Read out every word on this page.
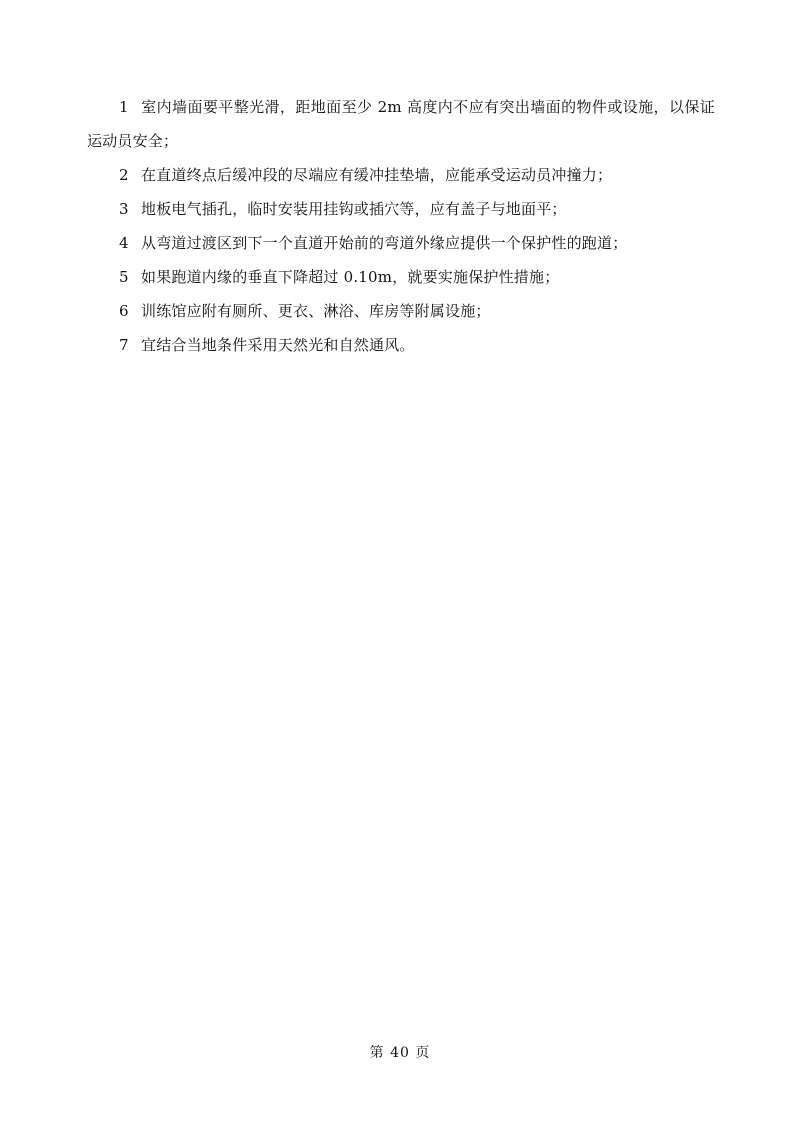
1 室内墙面要平整光滑，距地面至少 2m 高度内不应有突出墙面的物件或设施，以保证运动员安全；

2 在直道终点后缓冲段的尽端应有缓冲挂垫墙，应能承受运动员冲撞力；

3 地板电气插孔，临时安装用挂钩或插穴等，应有盖子与地面平；

4 从弯道过渡区到下一个直道开始前的弯道外缘应提供一个保护性的跑道；

5 如果跑道内缘的垂直下降超过 0.10m，就要实施保护性措施；

6 训练馆应附有厕所、更衣、淋浴、库房等附属设施；

7 宜结合当地条件采用天然光和自然通风。

第 40 页
